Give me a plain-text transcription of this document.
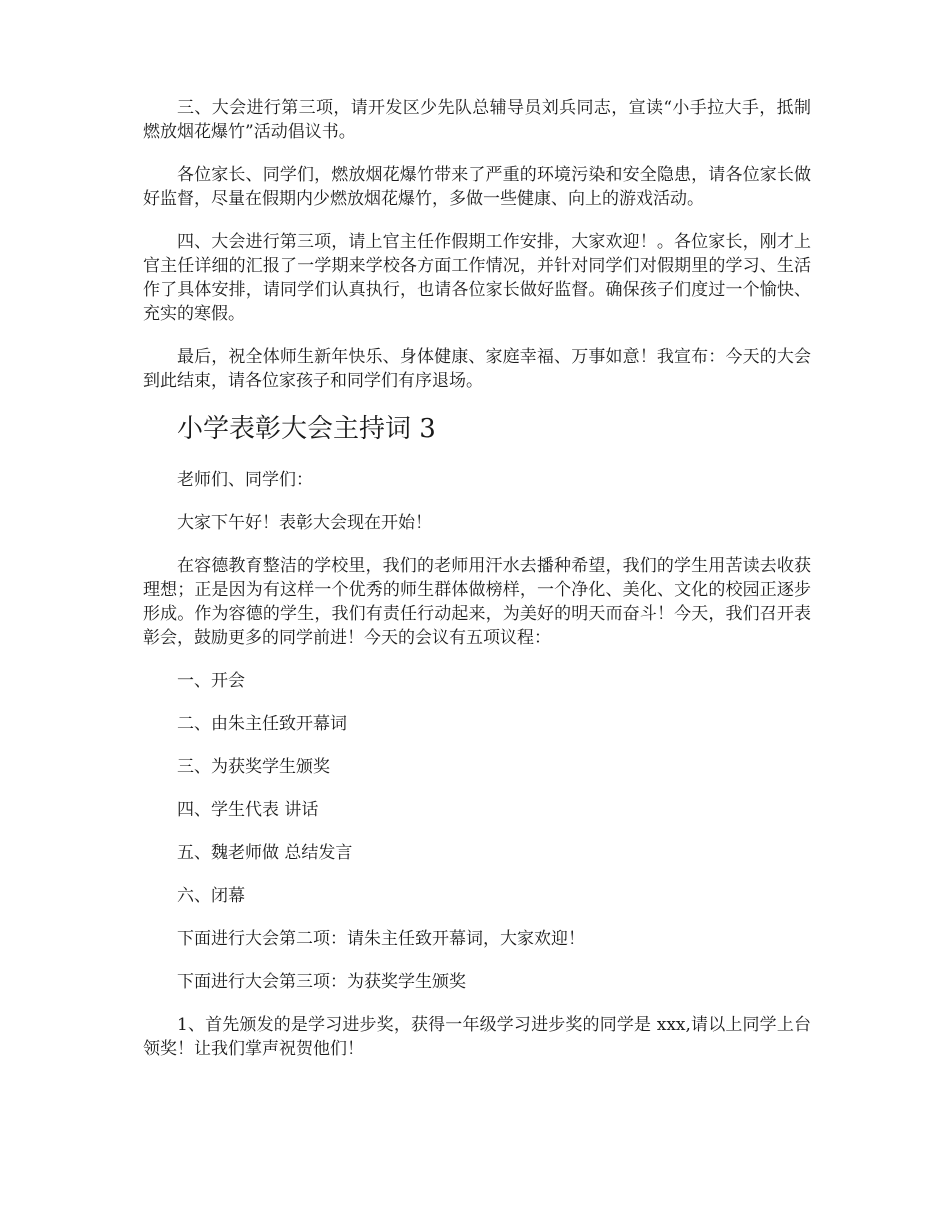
三、大会进行第三项，请开发区少先队总辅导员刘兵同志，宣读“小手拉大手，抵制燃放烟花爆竹”活动倡议书。

各位家长、同学们，燃放烟花爆竹带来了严重的环境污染和安全隐患，请各位家长做好监督，尽量在假期内少燃放烟花爆竹，多做一些健康、向上的游戏活动。

四、大会进行第三项，请上官主任作假期工作安排，大家欢迎！。各位家长，刚才上官主任详细的汇报了一学期来学校各方面工作情况，并针对同学们对假期里的学习、生活作了具体安排，请同学们认真执行，也请各位家长做好监督。确保孩子们度过一个愉快、充实的寒假。

最后，祝全体师生新年快乐、身体健康、家庭幸福、万事如意！我宣布：今天的大会到此结束，请各位家孩子和同学们有序退场。

小学表彰大会主持词 3

老师们、同学们：

大家下午好！表彰大会现在开始！

在容德教育整洁的学校里，我们的老师用汗水去播种希望，我们的学生用苦读去收获理想；正是因为有这样一个优秀的师生群体做榜样，一个净化、美化、文化的校园正逐步形成。作为容德的学生，我们有责任行动起来，为美好的明天而奋斗！今天，我们召开表彰会，鼓励更多的同学前进！今天的会议有五项议程：

一、开会

二、由朱主任致开幕词

三、为获奖学生颁奖

四、学生代表 讲话

五、魏老师做 总结发言

六、闭幕

下面进行大会第二项：请朱主任致开幕词，大家欢迎！

下面进行大会第三项：为获奖学生颁奖

1、首先颁发的是学习进步奖，获得一年级学习进步奖的同学是 xxx,请以上同学上台领奖！让我们掌声祝贺他们！
